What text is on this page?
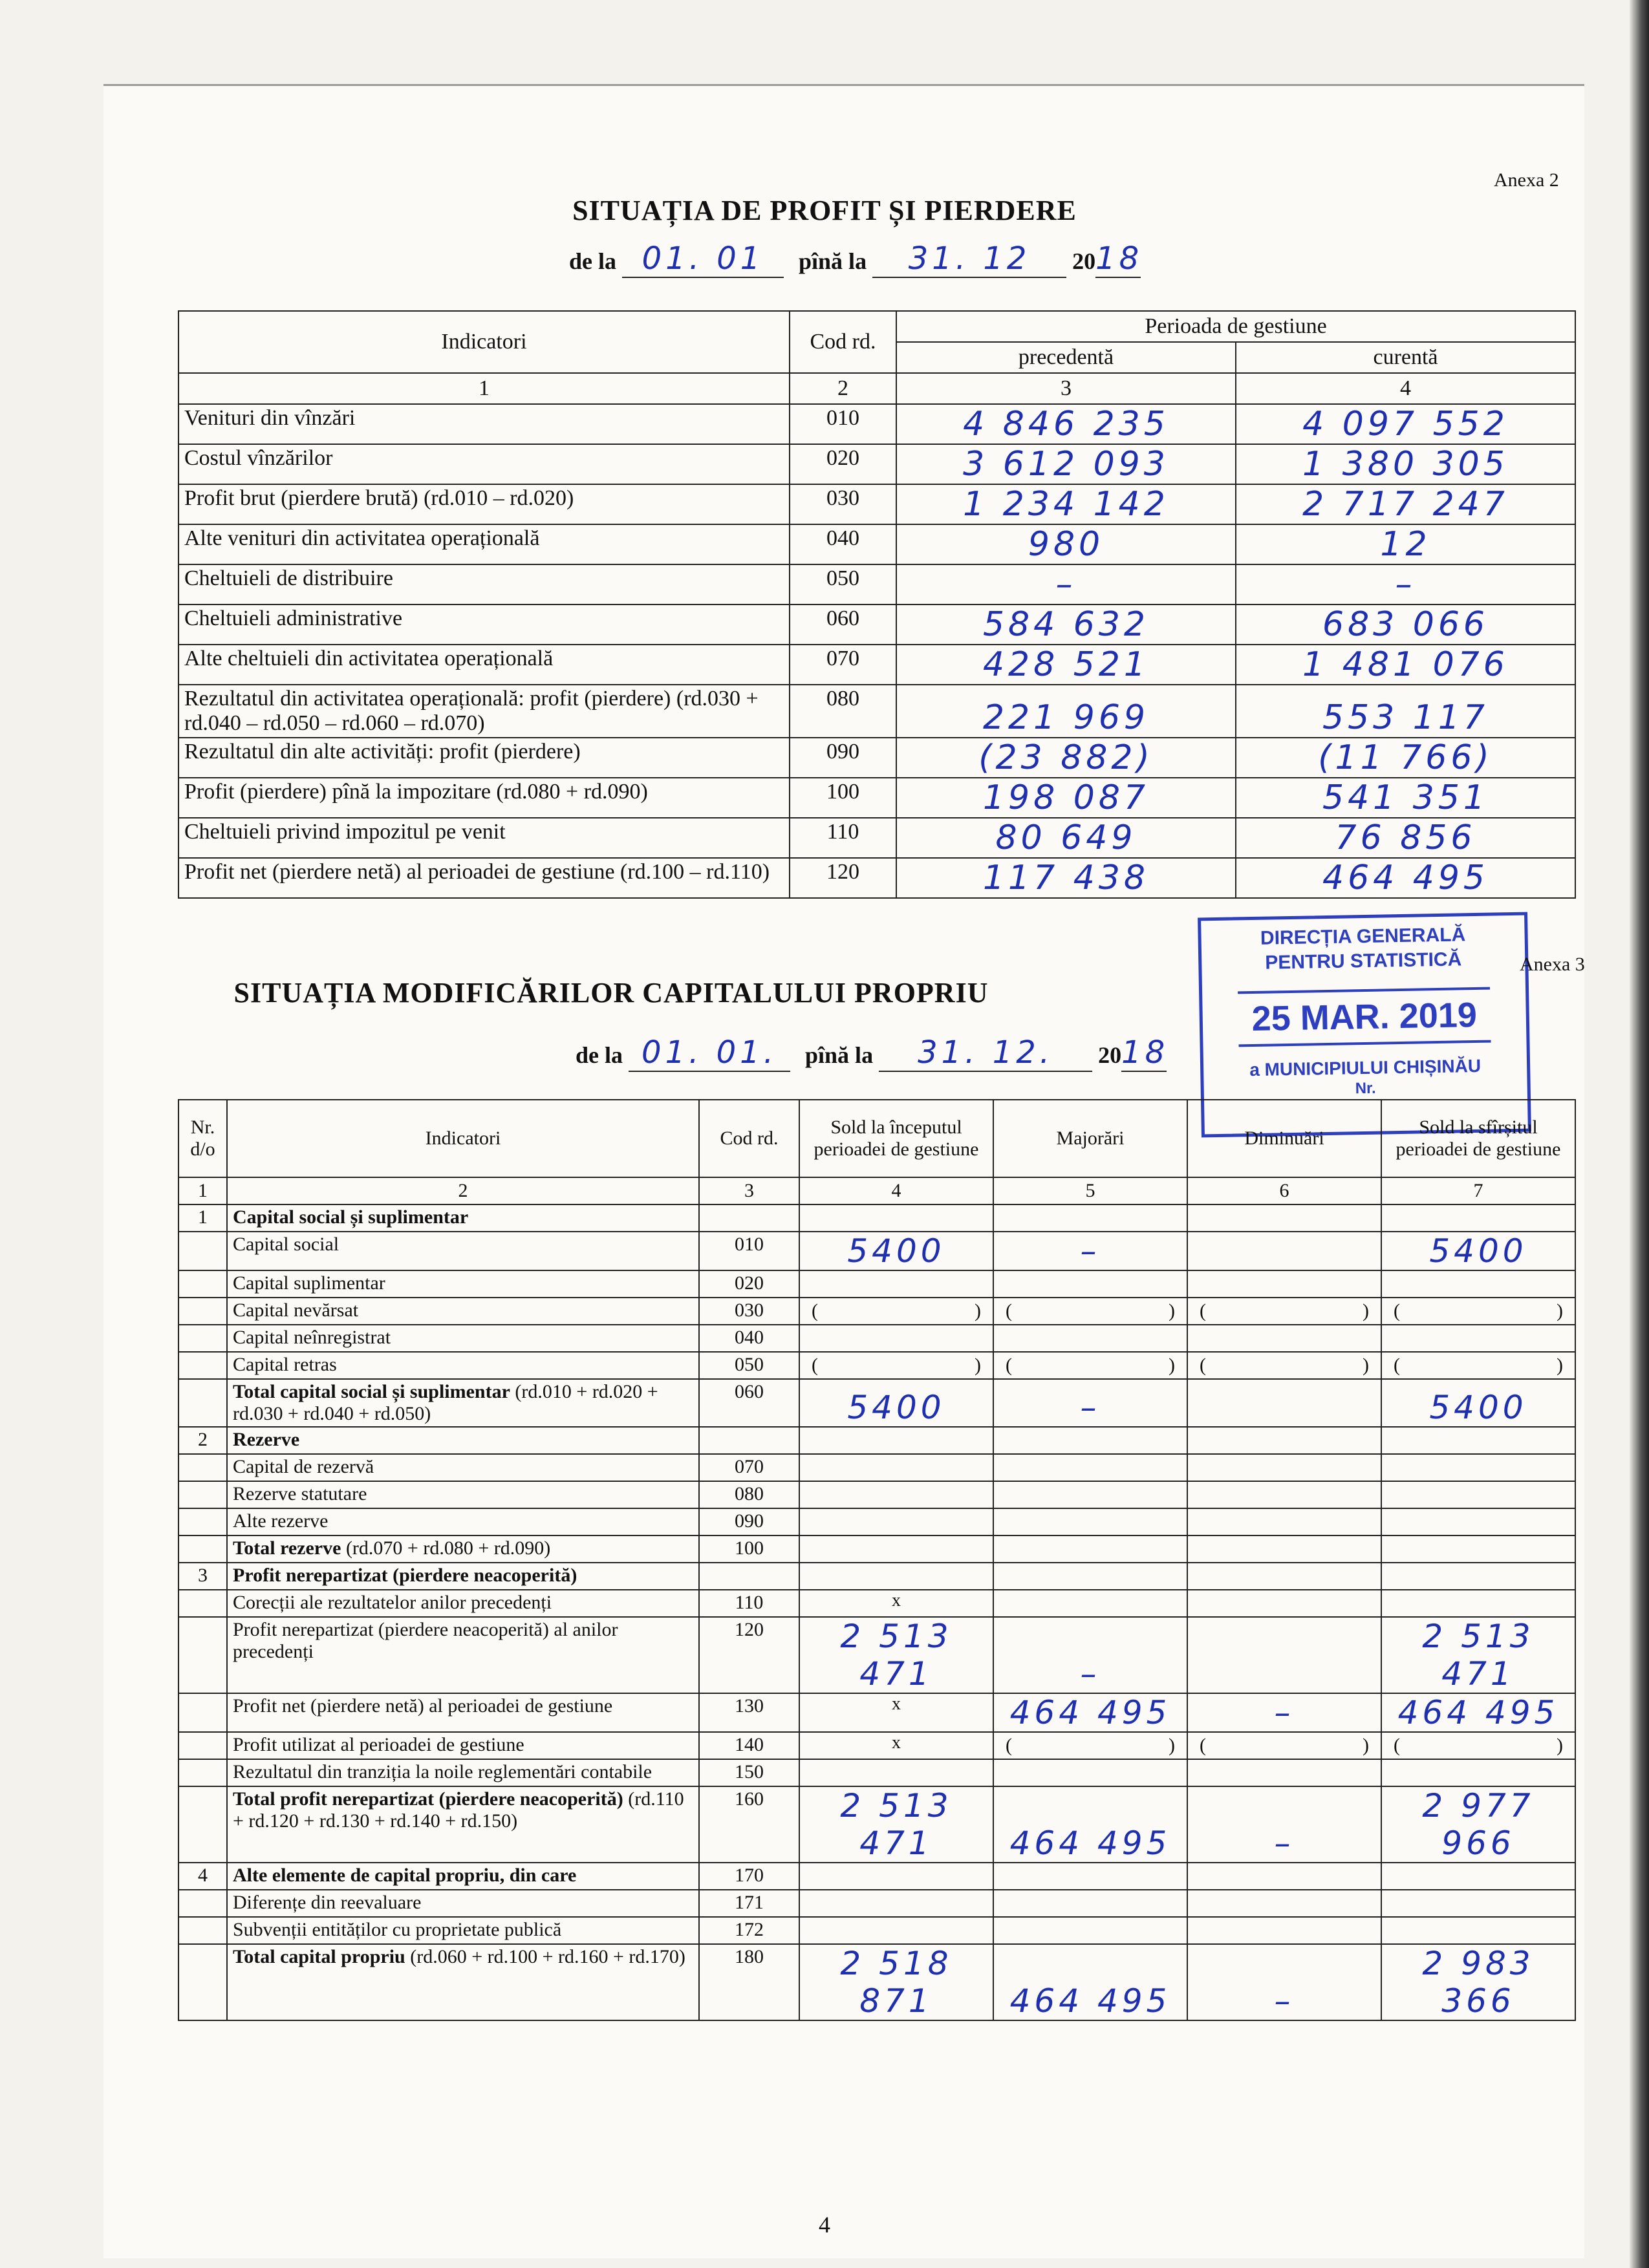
Anexa 2
SITUAȚIA DE PROFIT ȘI PIERDERE
de la 01. 01 pînă la 31. 12 2018
Indicatori	Cod rd.	Perioada de gestiune	
		precedentă	curentă
1	2	3	4
Venituri din vînzări	010	4 846 235	4 097 552
Costul vînzărilor	020	3 612 093	1 380 305
Profit brut (pierdere brută) (rd.010 – rd.020)	030	1 234 142	2 717 247
Alte venituri din activitatea operațională	040	980	12
Cheltuieli de distribuire	050	–	–
Cheltuieli administrative	060	584 632	683 066
Alte cheltuieli din activitatea operațională	070	428 521	1 481 076
Rezultatul din activitatea operațională: profit (pierdere) (rd.030 + rd.040 – rd.050 – rd.060 – rd.070)	080	221 969	553 117
Rezultatul din alte activități: profit (pierdere)	090	(23 882)	(11 766)
Profit (pierdere) pînă la impozitare (rd.080 + rd.090)	100	198 087	541 351
Cheltuieli privind impozitul pe venit	110	80 649	76 856
Profit net (pierdere netă) al perioadei de gestiune (rd.100 – rd.110)	120	117 438	464 495
DIRECȚIA GENERALĂ
PENTRU STATISTICĂ
25 MAR. 2019
a MUNICIPIULUI CHIȘINĂU
Nr.
Anexa 3
SITUAȚIA MODIFICĂRILOR CAPITALULUI PROPRIU
de la 01. 01. pînă la 31. 12. 2018
Nr. d/o	Indicatori	Cod rd.	Sold la începutul perioadei de gestiune	Majorări	Diminuări	Sold la sfîrșitul perioadei de gestiune
1	2	3	4	5	6	7
1	Capital social și suplimentar					
	Capital social	010	5400	–		5400
	Capital suplimentar	020				
	Capital nevărsat	030	( )	( )	( )	( )

	Capital neînregistrat	040				
	Capital retras	050	( )	( )	( )	( )

	Total capital social și suplimentar (rd.010 + rd.020 + rd.030 + rd.040 + rd.050)	060	5400	–		5400
2	Rezerve					
	Capital de rezervă	070				
	Rezerve statutare	080				
	Alte rezerve	090				
	Total rezerve (rd.070 + rd.080 + rd.090)	100				
3	Profit nerepartizat (pierdere neacoperită)					
	Corecții ale rezultatelor anilor precedenți	110	x			
	Profit nerepartizat (pierdere neacoperită) al anilor precedenți	120	2 513 471	–		2 513 471
	Profit net (pierdere netă) al perioadei de gestiune	130	x	464 495	–	464 495
	Profit utilizat al perioadei de gestiune	140	x	( )	( )	( )

	Rezultatul din tranziția la noile reglementări contabile	150				
	Total profit nerepartizat (pierdere neacoperită) (rd.110 + rd.120 + rd.130 + rd.140 + rd.150)	160	2 513 471	464 495	–	2 977 966
4	Alte elemente de capital propriu, din care	170				
	Diferențe din reevaluare	171				
	Subvenții entităților cu proprietate publică	172				
	Total capital propriu (rd.060 + rd.100 + rd.160 + rd.170)	180	2 518 871	464 495	–	2 983 366
4
